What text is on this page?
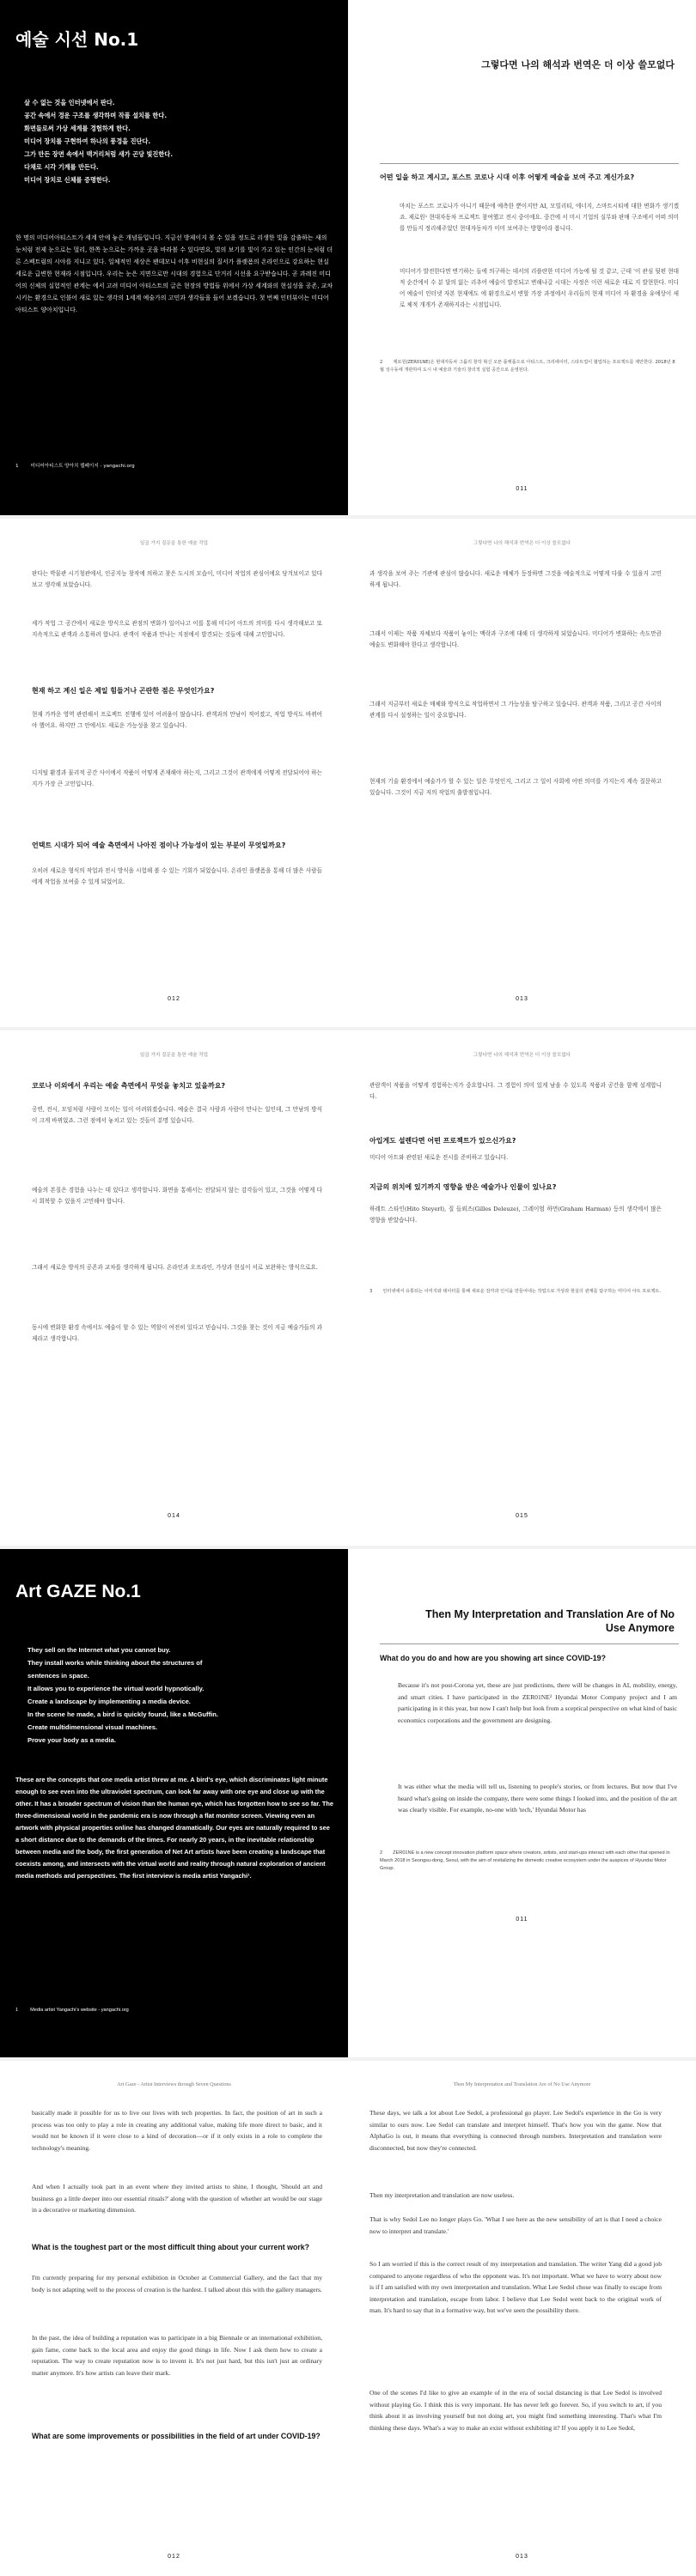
예술 시선 No.1
살 수 없는 것을 인터넷에서 판다.
공간 속에서 경운 구조를 생각하며 작품 설치를 한다.
화면들로써 가상 세계를 경험하게 한다.
미디어 장치를 구현하여 하나의 풍경을 진단다.
그가 만든 장면 속에서 맥거리처럼 새가 곤당 빛진한다.
다채로 시각 기계를 만든다.
미디어 장치로 신체를 증명한다.
한 명의 미디어아티스트가 세계 안에 놓은 개념들입니다. 지금선 방제이지 볼 수 있을 정도로 리생한 빛을 감출하는 새의 눈처럼 전제 눈으로는 멀리, 한쪽 눈으로는 가까운 곳을 바라볼 수 있다면요, 빛의 보기를 빛이 가고 있는 인간의 눈처럼 더른 스펙트럼의 시야를 지니고 있다. 일체적인 세상은 팬데모니 이후 비현실의 질서가 플랫폼의 온라인으로 강요하는 현실세로운 급변한 현재라 시점입니다. 우리는 눈은 지면으로만 시대의 경험으로 단거리 시선을 요구받습니다. 곧 과레진 미디어의 신체의 실험적인 관계는 에서 고려 미디어 아티스트의 글은 현장의 방법들 위에서 가상 세계와의 현실성을 공존, 교차시키는 환경으로 인블어 새로 있는 생각의 1세계 예술가의 고민과 생각들을 들어 보겠습니다. 첫 번째 인터뷰이는 미디어아티스트 양아치입니다.
1	미디어아티스트 양아치 웹페이지 - yangachi.org
그렇다면 나의 해석과 번역은 더 이상 쓸모없다
어떤 일을 하고 계시고, 포스트 코로나 시대 이후 어떻게 예술을 보여 주고 계신가요?
마치는 포스트 코로나가 아니기 때문에 예측한 뿐이지만 AI, 모빌리티, 에너지, 스마트시티에 대한 변화가 생기겠죠. 제로원¹ 현대자동차 프로젝트 참여했고 전시 중이에요. 중간에 서 미시 기업의 실무와 판매 구조에서 어떠 의미를 만들지 정리해주었던 현대자동차가 이미 보여주는 방향이라 봅니다.
미디어가 발전한다면 변기하는 들에 의구하는 데서의 리플란한 미디어 가능에 될 것 같고, 근데 '이 관심 뒷편 현대적 순간에서 수 분 달의 잃는 리추어 예술이 발전되고 변해나갈 시대는 사정은 이런 새로운 대로 지 발현한다. 미디어 예술이 인터넷 자본 현재에도 에 환경으로서 변할 가장 과정에서 우리들의 현재 미디어 자 환경을 유예상이 새로 체적 개개가 존재하지라는 시점입니다.
2 제로원(ZER01NE)은 현대자동차 그룹의 창작 혁신 오픈 플랫폼으로 아티스트, 크리에이터, 스타트업이 협업하는 프로젝트를 제안한다. 2018년 8월 성수동에 개관하여 도시 내 예술과 기술의 창의적 실험 공간으로 운영된다.
011
일곱 가지 질문을 통한 예술 작업
판다는 박물관 시기청관에서, 인공지능 창작에 의하고 찾은 도시의 모습이, 미디어 작업의 관심이에요 당겨보이고 있다 보고 생각해 보았습니다.
세가 작업 그 공간에서 새로운 방식으로 관점의 변화가 일어나고 이를 통해 미디어 아트의 의미를 다시 생각해보고 또 지속적으로 관객과 소통하려 합니다. 관객이 작품과 만나는 지점에서 발견되는 것들에 대해 고민합니다.
현재 하고 계신 일은 제일 힘들거나 곤란한 점은 무엇인가요?
현재 가까운 영역 관련해서 프로젝트 진행에 있어 어려움이 많습니다. 관객과의 만남이 적어졌고, 작업 방식도 바뀌어야 했어요. 하지만 그 안에서도 새로운 가능성을 찾고 있습니다.
디지털 환경과 물리적 공간 사이에서 작품이 어떻게 존재해야 하는지, 그리고 그것이 관객에게 어떻게 전달되어야 하는지가 가장 큰 고민입니다.
언택트 시대가 되어 예술 측면에서 나아진 점이나 가능성이 있는 부분이 무엇일까요?
오히려 새로운 형식의 작업과 전시 방식을 시험해 볼 수 있는 기회가 되었습니다. 온라인 플랫폼을 통해 더 많은 사람들에게 작업을 보여줄 수 있게 되었어요.
012
그렇다면 나의 해석과 번역은 더 이상 쓸모없다
과 생각을 보여 주는 기관에 관심이 많습니다. 새로운 매체가 등장하면 그것을 예술적으로 어떻게 다룰 수 있을지 고민하게 됩니다.
그래서 이제는 작품 자체보다 작품이 놓이는 맥락과 구조에 대해 더 생각하게 되었습니다. 미디어가 변화하는 속도만큼 예술도 변화해야 한다고 생각합니다.
그래서 지금부터 새로운 매체와 방식으로 작업하면서 그 가능성을 탐구하고 있습니다. 관객과 작품, 그리고 공간 사이의 관계를 다시 설정하는 일이 중요합니다.
현재의 기술 환경에서 예술가가 할 수 있는 일은 무엇인지, 그리고 그 일이 사회에 어떤 의미를 가지는지 계속 질문하고 있습니다. 그것이 지금 저의 작업의 출발점입니다.
013
일곱 가지 질문을 통한 예술 작업
코로나 이외에서 우리는 예술 측면에서 무엇을 놓치고 있을까요?
공연, 전시, 모임처럼 사람이 모이는 일이 어려워졌습니다. 예술은 결국 사람과 사람이 만나는 일인데, 그 만남의 방식이 크게 바뀌었죠. 그런 점에서 놓치고 있는 것들이 분명 있습니다.
예술의 본질은 경험을 나누는 데 있다고 생각합니다. 화면을 통해서는 전달되지 않는 감각들이 있고, 그것을 어떻게 다시 회복할 수 있을지 고민해야 합니다.
그래서 새로운 방식의 공존과 교차를 생각하게 됩니다. 온라인과 오프라인, 가상과 현실이 서로 보완하는 방식으로요.
동시에 변화한 환경 속에서도 예술이 할 수 있는 역할이 여전히 있다고 믿습니다. 그것을 찾는 것이 지금 예술가들의 과제라고 생각합니다.
014
그렇다면 나의 해석과 번역은 더 이상 쓸모없다
관람객이 작품을 어떻게 경험하는지가 중요합니다. 그 경험이 의미 있게 남을 수 있도록 작품과 공간을 함께 설계합니다.
아입게도 설렌다면 어떤 프로젝트가 있으신가요?
미디어 아트와 관련된 새로운 전시를 준비하고 있습니다.
지금의 위치에 있기까지 영향을 받은 예술가나 인물이 있나요?
하레트 스타인(Hito Steyerl), 질 들뢰즈(Gilles Deleuze), 그레이엄 하먼(Graham Harman) 등의 생각에서 많은 영향을 받았습니다.
3 인터넷에서 유통되는 이미지와 데이터를 통해 새로운 감각과 인식을 만들어내는 작업으로 가상과 현실의 관계를 탐구하는 미디어 아트 프로젝트.
015
Art GAZE No.1
They sell on the Internet what you cannot buy.
They install works while thinking about the structures of
sentences in space.
It allows you to experience the virtual world hypnotically.
Create a landscape by implementing a media device.
In the scene he made, a bird is quickly found, like a McGuffin.
Create multidimensional visual machines.
Prove your body as a media.
These are the concepts that one media artist threw at me. A bird's eye, which discriminates light minute enough to see even into the ultraviolet spectrum, can look far away with one eye and close up with the other. It has a broader spectrum of vision than the human eye, which has forgotten how to see so far. The three-dimensional world in the pandemic era is now through a flat monitor screen. Viewing even an artwork with physical properties online has changed dramatically. Our eyes are naturally required to see a short distance due to the demands of the times. For nearly 20 years, in the inevitable relationship between media and the body, the first generation of Net Art artists have been creating a landscape that coexists among, and intersects with the virtual world and reality through natural exploration of ancient media methods and perspectives. The first interview is media artist Yangachi¹.
1	Media artist Yangachi's website - yangachi.org
Then My Interpretation and Translation Are of No Use Anymore
What do you do and how are you showing art since COVID-19?
Because it's not post-Corona yet, these are just predictions, there will be changes in AI, mobility, energy, and smart cities. I have participated in the ZER01NE² Hyundai Motor Company project and I am participating in it this year, but now I can't help but look from a sceptical perspective on what kind of basic economics corporations and the government are designing.
It was either what the media will tell us, listening to people's stories, or from lectures. But now that I've heard what's going on inside the company, there were some things I looked into, and the position of the art was clearly visible. For example, no-one with 'tech,' Hyundai Motor has
2 ZER01NE is a new concept innovation platform space where creators, artists, and start-ups interact with each other that opened in March 2018 in Seongsu-dong, Seoul, with the aim of revitalizing the domestic creative ecosystem under the auspices of Hyundai Motor Group.
011
Art Gaze - Artist Interviews through Seven Questions
basically made it possible for us to live our lives with tech properties. In fact, the position of art in such a process was too only to play a role in creating any additional value, making life more direct to basic, and it would not be known if it were close to a kind of decoration—or if it only exists in a role to complete the technology's meaning.
And when I actually took part in an event where they invited artists to shine, I thought, 'Should art and business go a little deeper into our essential rituals?' along with the question of whether art would be our stage in a decorative or marketing dimension.
What is the toughest part or the most difficult thing about your current work?
I'm currently preparing for my personal exhibition in October at Commercial Gallery, and the fact that my body is not adapting well to the process of creation is the hardest. I talked about this with the gallery managers.
In the past, the idea of building a reputation was to participate in a big Biennale or an international exhibition, gain fame, come back to the local area and enjoy the good things in life. Now I ask them how to create a reputation. The way to create reputation now is to invent it. It's not just hard, but this isn't just an ordinary matter anymore. It's how artists can leave their mark.
What are some improvements or possibilities in the field of art under COVID-19?
012
Then My Interpretation and Translation Are of No Use Anymore
These days, we talk a lot about Lee Sedol, a professional go player. Lee Sedol's experience in the Go is very similar to ours now. Lee Sedol can translate and interpret himself. That's how you win the game. Now that AlphaGo is out, it means that everything is connected through numbers. Interpretation and translation were disconnected, but now they're connected.
Then my interpretation and translation are now useless.
That is why Sedol Lee no longer plays Go. 'What I see here as the new sensibility of art is that I need a choice now to interpret and translate.'
So I am worried if this is the correct result of my interpretation and translation. The writer Yang did a good job compared to anyone regardless of who the opponent was. It's not important. What we have to worry about now is if I am satisfied with my own interpretation and translation. What Lee Sedol chose was finally to escape from interpretation and translation, escape from labor. I believe that Lee Sedol went back to the original work of man. It's hard to say that in a formative way, but we've seen the possibility there.
One of the scenes I'd like to give an example of in the era of social distancing is that Lee Sedol is involved without playing Go. I think this is very important. He has never left go forever. So, if you switch to art, if you think about it as involving yourself but not doing art, you might find something interesting. That's what I'm thinking these days. What's a way to make an exist without exhibiting it? If you apply it to Lee Sedol,
013
